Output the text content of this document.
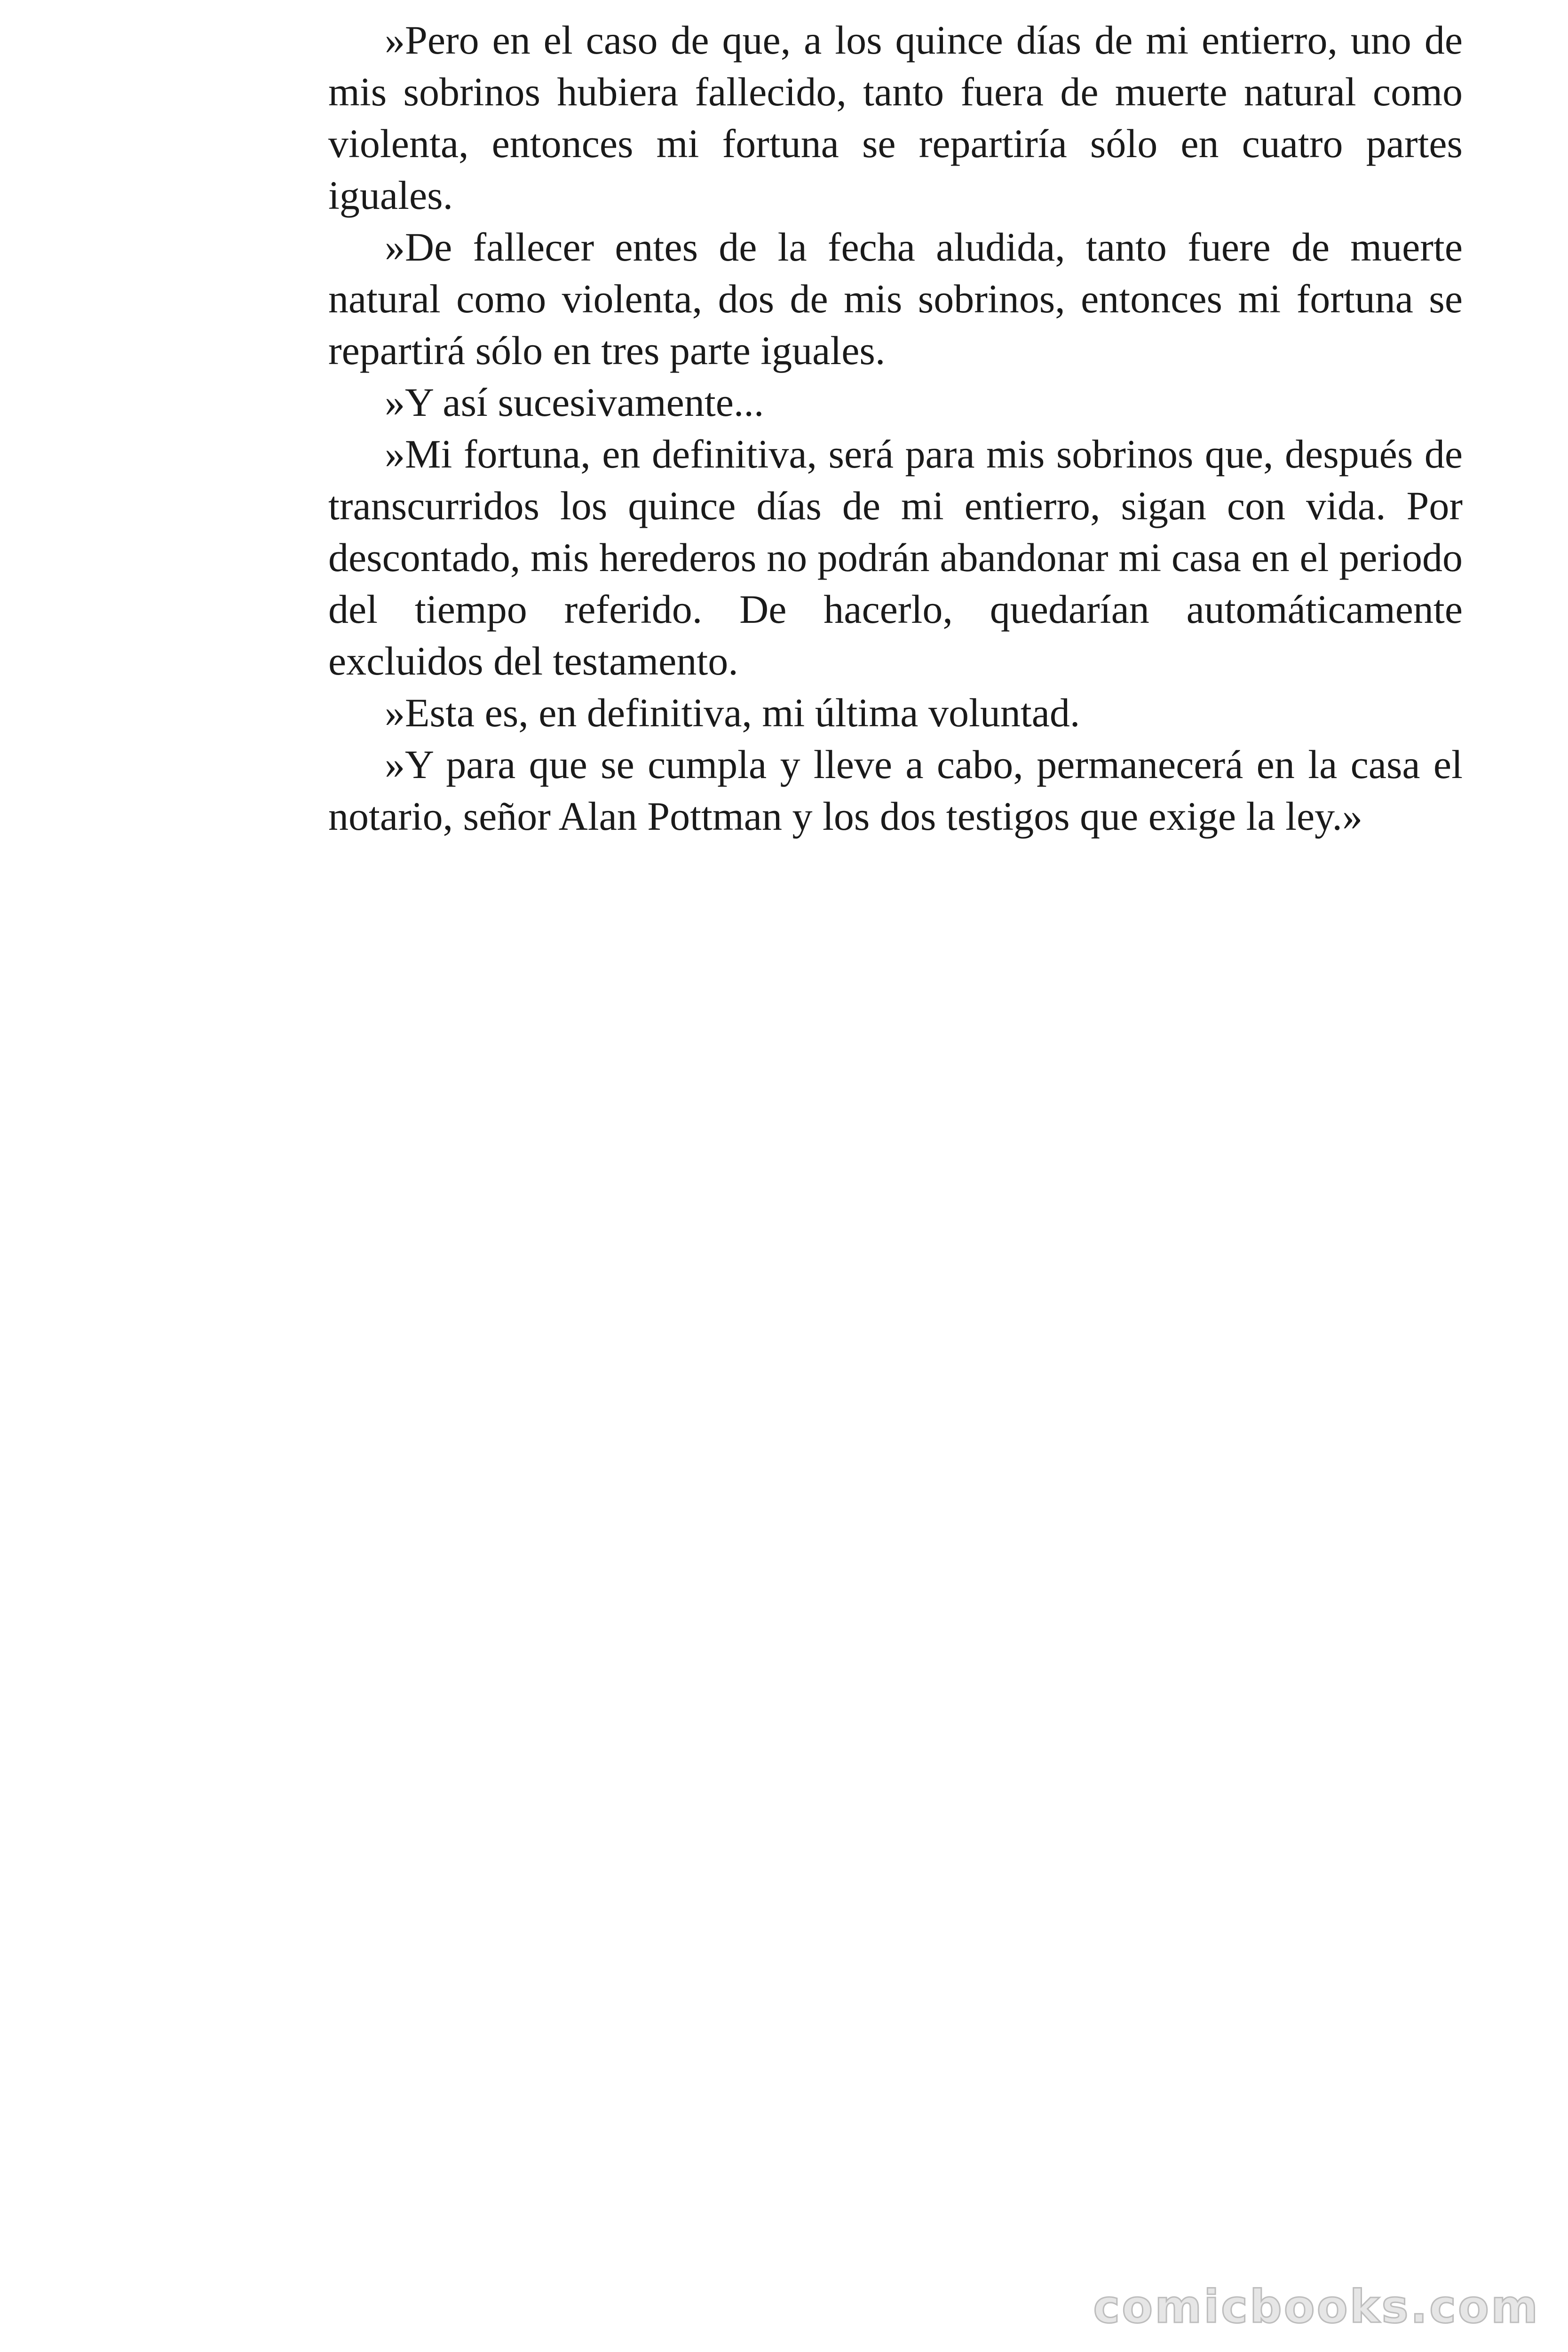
»Pero en el caso de que, a los quince días de mi entierro, uno de mis sobrinos hubiera fallecido, tanto fuera de muerte natural como violenta, entonces mi fortuna se repartiría sólo en cuatro partes iguales.

»De fallecer entes de la fecha aludida, tanto fuere de muerte natural como violenta, dos de mis sobrinos, entonces mi fortuna se repartirá sólo en tres parte iguales.

»Y así sucesivamente...

»Mi fortuna, en definitiva, será para mis sobrinos que, después de transcurridos los quince días de mi entierro, sigan con vida. Por descontado, mis herederos no podrán abandonar mi casa en el periodo del tiempo referido. De hacerlo, quedarían automáticamente excluidos del testamento.

»Esta es, en definitiva, mi última voluntad.

»Y para que se cumpla y lleve a cabo, permanecerá en la casa el notario, señor Alan Pottman y los dos testigos que exige la ley.»

comicbooks.com
